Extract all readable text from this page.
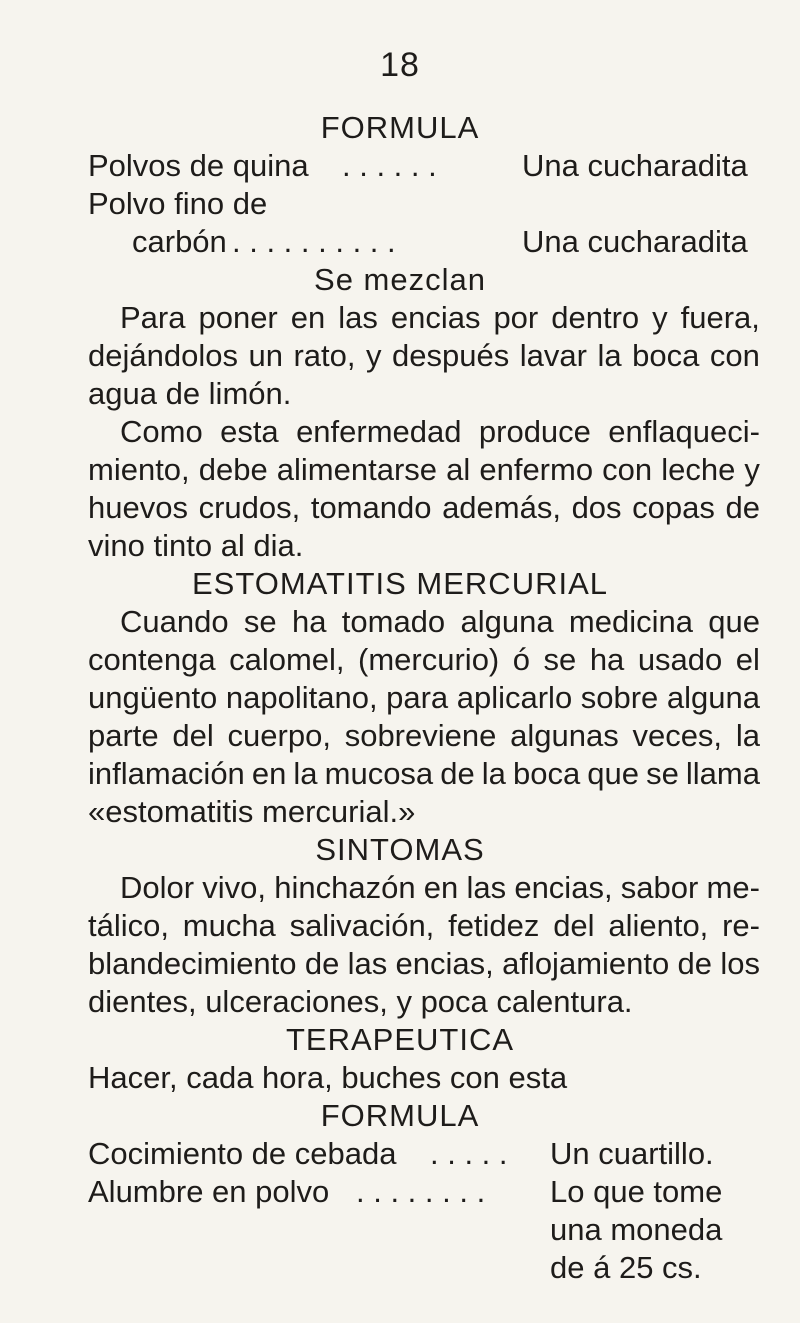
18
FORMULA
Polvos de quina . . . . . .	Una cucharadita
Polvo fino de
carbón . . . . . . . . . .	Una cucharadita
Se mezclan
Para poner en las encias por dentro y fuera,
dejándolos un rato, y después lavar la boca con
agua de limón.
Como esta enfermedad produce enflaqueci-
miento, debe alimentarse al enfermo con leche y
huevos crudos, tomando además, dos copas de
vino tinto al dia.
ESTOMATITIS MERCURIAL
Cuando se ha tomado alguna medicina que
contenga calomel, (mercurio) ó se ha usado el
ungüento napolitano, para aplicarlo sobre alguna
parte del cuerpo, sobreviene algunas veces, la
inflamación en la mucosa de la boca que se llama
«estomatitis mercurial.»
SINTOMAS
Dolor vivo, hinchazón en las encias, sabor me-
tálico, mucha salivación, fetidez del aliento, re-
blandecimiento de las encias, aflojamiento de los
dientes, ulceraciones, y poca calentura.
TERAPEUTICA
Hacer, cada hora, buches con esta
FORMULA
Cocimiento de cebada . . . . . Un cuartillo.
Alumbre en polvo . . . . . . . . Lo que tome
una moneda
de á 25 cs.
